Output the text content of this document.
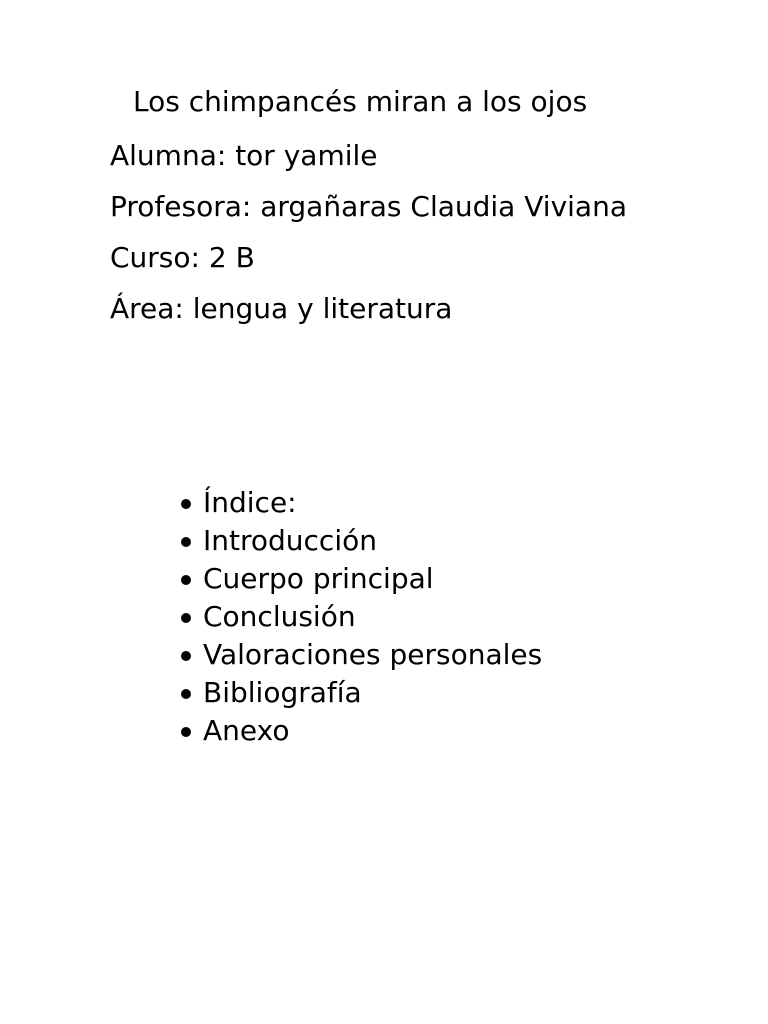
Los chimpancés miran a los ojos

Alumna: tor yamile

Profesora: argañaras Claudia Viviana

Curso: 2 B

Área: lengua y literatura

Índice:
Introducción
Cuerpo principal
Conclusión
Valoraciones personales
Bibliografía
Anexo
